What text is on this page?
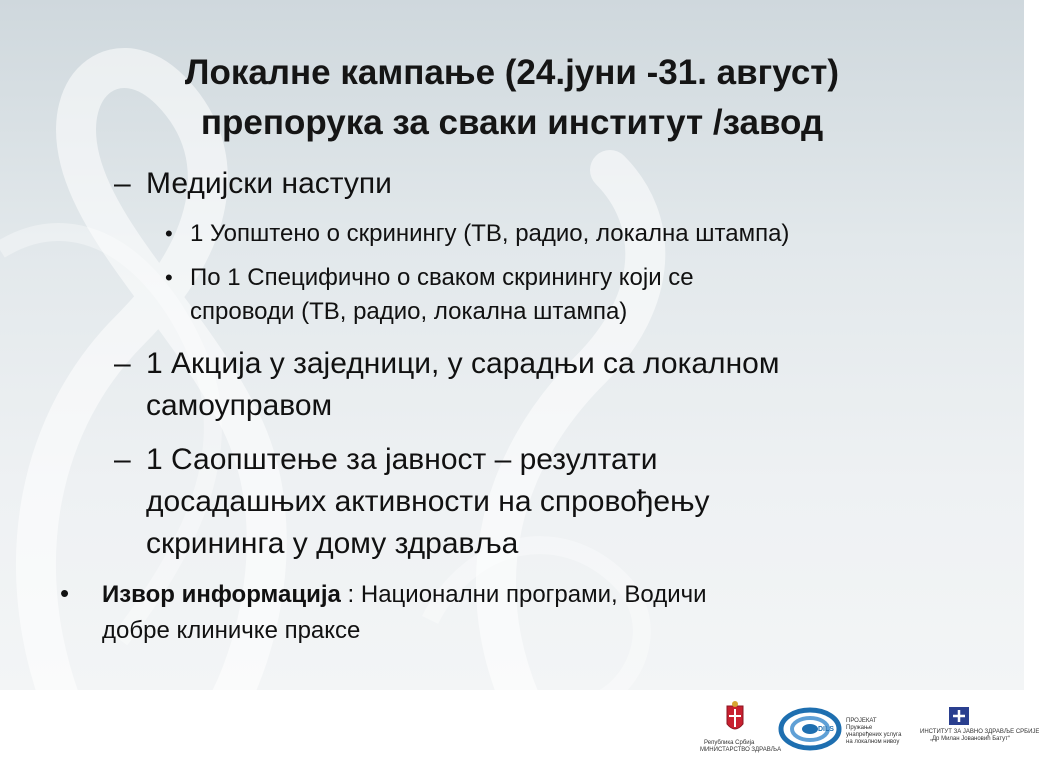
Локалне кампање (24.јуни -31. август)
препорука за сваки институт /завод
– Медијски наступи
• 1 Уопштено о скринингу (ТВ, радио, локална штампа)
• По 1 Специфично о сваком скринингу који се
спроводи (ТВ, радио, локална штампа)
– 1 Акција у заједници, у сарадњи са локалном
самоуправом
– 1 Саопштење за јавност – резултати
досадашњих активности на спровођењу
скрининга у дому здравља
• Извор информација : Национални програми, Водичи
добре клиничке праксе
Република Србија
МИНИСТАРСТВО ЗДРАВЉА
DILS
ПРОЈЕКАТ
Пружање
унапређених услуга
на локалном нивоу
ИНСТИТУТ ЗА ЈАВНО ЗДРАВЉЕ СРБИЈЕ
„Др Милан Јовановић Батут“
